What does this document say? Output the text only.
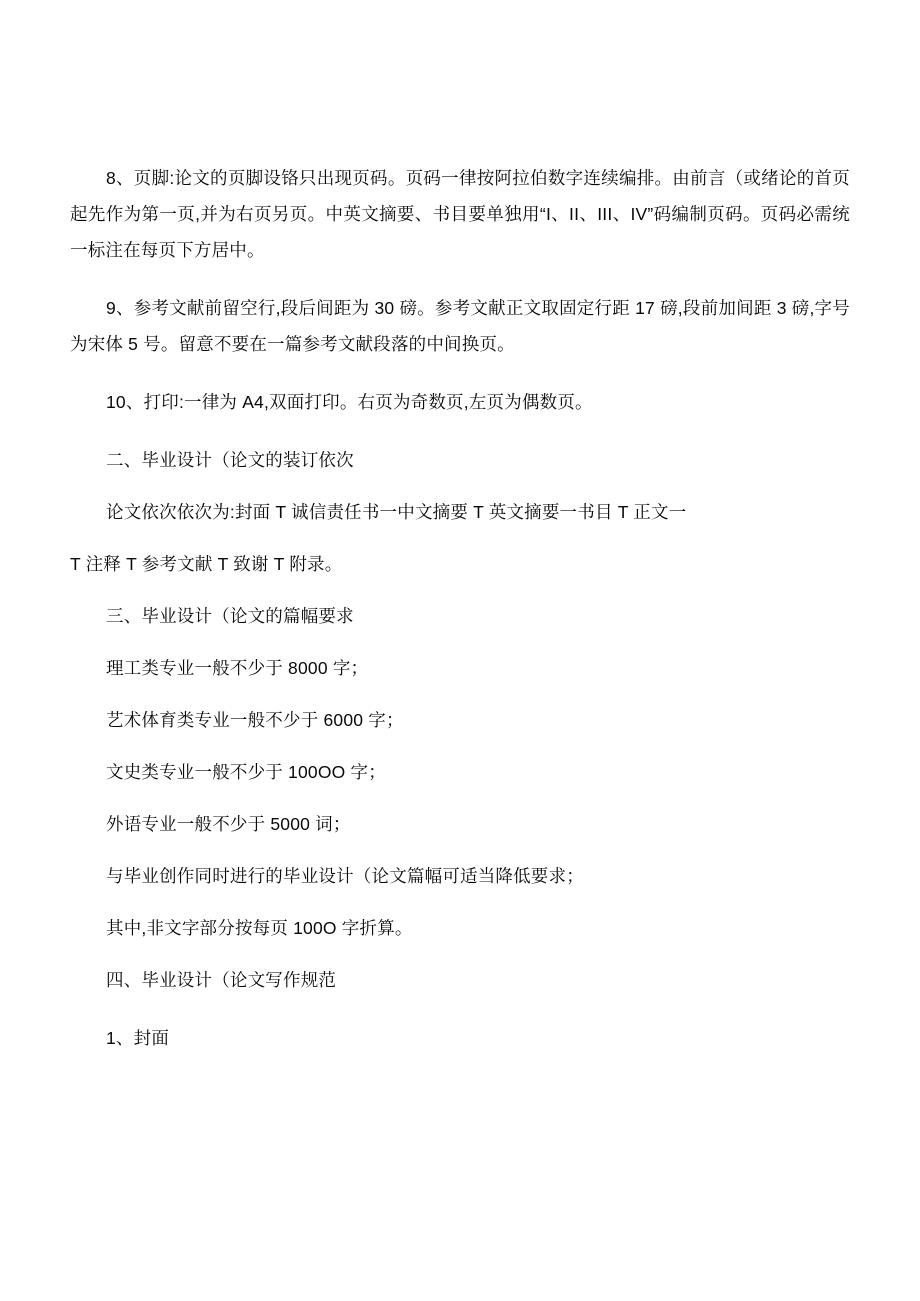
8、页脚:论文的页脚设铬只出现页码。页码一律按阿拉伯数字连续编排。由前言（或绪论的首页起先作为第一页,并为右页另页。中英文摘要、书目要单独用“I、II、III、IV”码编制页码。页码必需统一标注在每页下方居中。

9、参考文献前留空行,段后间距为 30 磅。参考文献正文取固定行距 17 磅,段前加间距 3 磅,字号为宋体 5 号。留意不要在一篇参考文献段落的中间换页。

10、打印:一律为 A4,双面打印。右页为奇数页,左页为偶数页。

二、毕业设计（论文的装订依次

论文依次依次为:封面 T 诚信责任书一中文摘要 T 英文摘要一书目 T 正文一

T 注释 T 参考文献 T 致谢 T 附录。

三、毕业设计（论文的篇幅要求

理工类专业一般不少于 8000 字；

艺术体育类专业一般不少于 6000 字；

文史类专业一般不少于 100OO 字；

外语专业一般不少于 5000 词；

与毕业创作同时进行的毕业设计（论文篇幅可适当降低要求；

其中,非文字部分按每页 100O 字折算。

四、毕业设计（论文写作规范

1、封面
